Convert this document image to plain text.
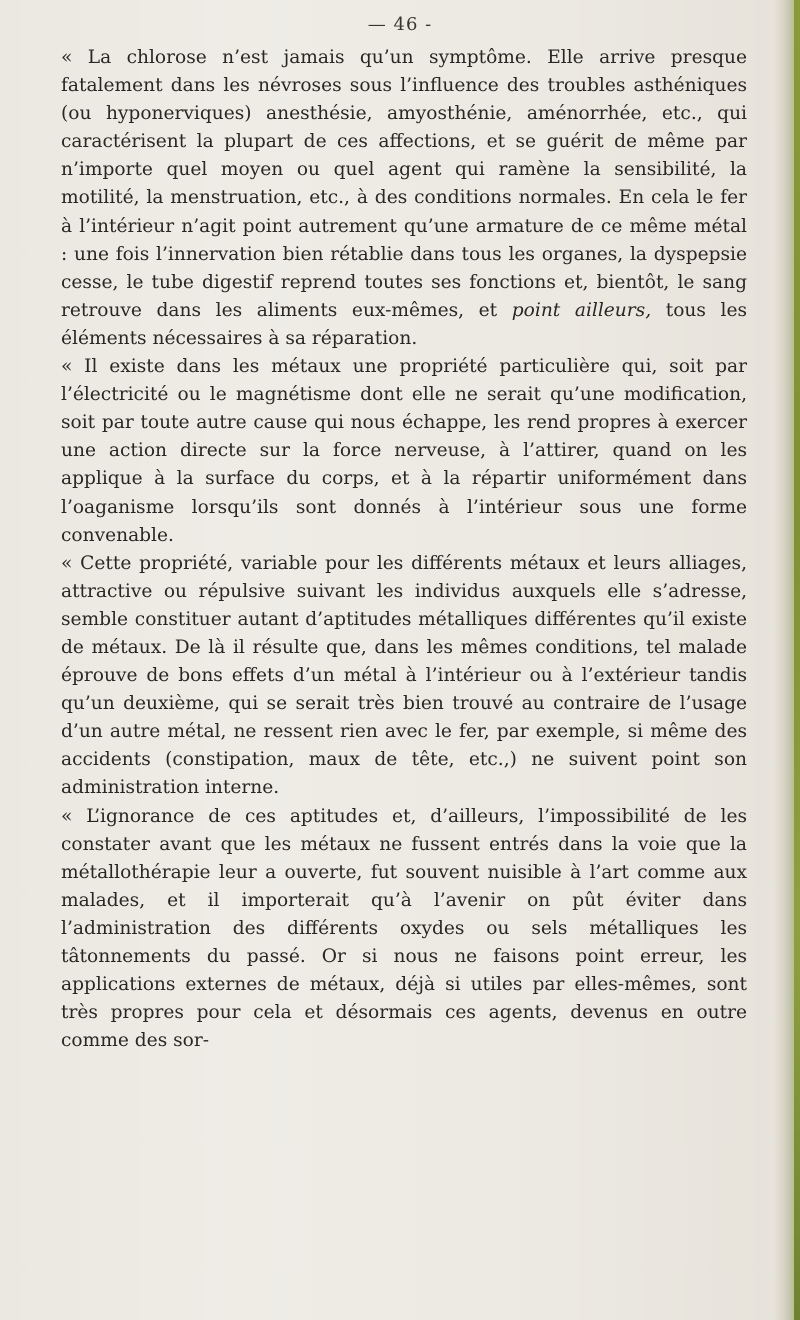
— 46 -

« La chlorose n’est jamais qu’un symptôme. Elle arrive presque fatalement dans les névroses sous l’influence des troubles asthéniques (ou hyponerviques) anesthésie, amyosthénie, aménorrhée, etc., qui caractérisent la plupart de ces affections, et se guérit de même par n’importe quel moyen ou quel agent qui ramène la sensibilité, la motilité, la menstruation, etc., à des conditions normales. En cela le fer à l’intérieur n’agit point autrement qu’une armature de ce même métal : une fois l’innervation bien rétablie dans tous les organes, la dyspepsie cesse, le tube digestif reprend toutes ses fonctions et, bientôt, le sang retrouve dans les aliments eux-mêmes, et point ailleurs, tous les éléments nécessaires à sa réparation.

« Il existe dans les métaux une propriété particulière qui, soit par l’électricité ou le magnétisme dont elle ne serait qu’une modification, soit par toute autre cause qui nous échappe, les rend propres à exercer une action directe sur la force nerveuse, à l’attirer, quand on les applique à la surface du corps, et à la répartir uniformément dans l’oaganisme lorsqu’ils sont donnés à l’intérieur sous une forme convenable.

« Cette propriété, variable pour les différents métaux et leurs alliages, attractive ou répulsive suivant les individus auxquels elle s’adresse, semble constituer autant d’aptitudes métalliques différentes qu’il existe de métaux. De là il résulte que, dans les mêmes conditions, tel malade éprouve de bons effets d’un métal à l’intérieur ou à l’extérieur tandis qu’un deuxième, qui se serait très bien trouvé au contraire de l’usage d’un autre métal, ne ressent rien avec le fer, par exemple, si même des accidents (constipation, maux de tête, etc.,) ne suivent point son administration interne.

« L’ignorance de ces aptitudes et, d’ailleurs, l’impossibilité de les constater avant que les métaux ne fussent entrés dans la voie que la métallothérapie leur a ouverte, fut souvent nuisible à l’art comme aux malades, et il importerait qu’à l’avenir on pût éviter dans l’administration des différents oxydes ou sels métalliques les tâtonnements du passé. Or si nous ne faisons point erreur, les applications externes de métaux, déjà si utiles par elles-mêmes, sont très propres pour cela et désormais ces agents, devenus en outre comme des sor-
